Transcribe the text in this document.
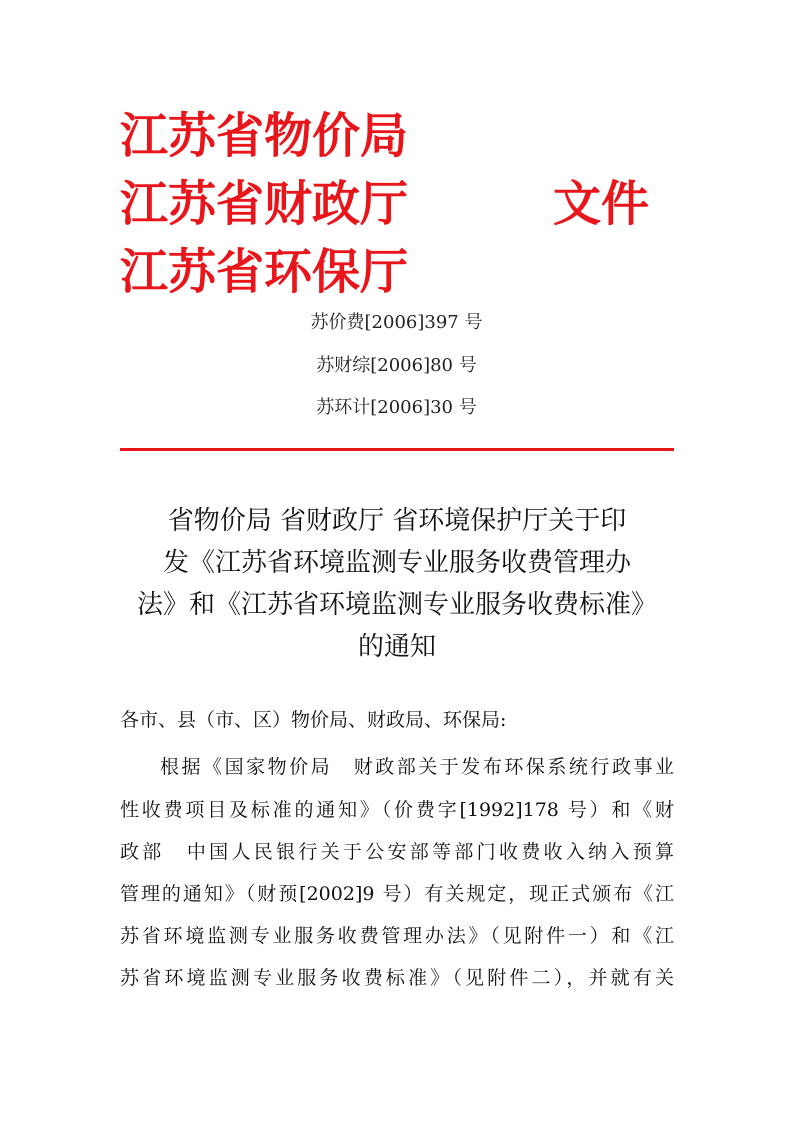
江苏省物价局
江苏省财政厅
江苏省环保厅
文件
苏价费[2006]397 号
苏财综[2006]80 号
苏环计[2006]30 号
省物价局 省财政厅 省环境保护厅关于印
发《江苏省环境监测专业服务收费管理办
法》和《江苏省环境监测专业服务收费标准》
的通知
各市、县（市、区）物价局、财政局、环保局:
根据《国家物价局　财政部关于发布环保系统行政事业
性收费项目及标准的通知》（价费字[1992]178 号）和《财
政部　中国人民银行关于公安部等部门收费收入纳入预算
管理的通知》（财预[2002]9 号）有关规定，现正式颁布《江
苏省环境监测专业服务收费管理办法》（见附件一）和《江
苏省环境监测专业服务收费标准》（见附件二），并就有关
